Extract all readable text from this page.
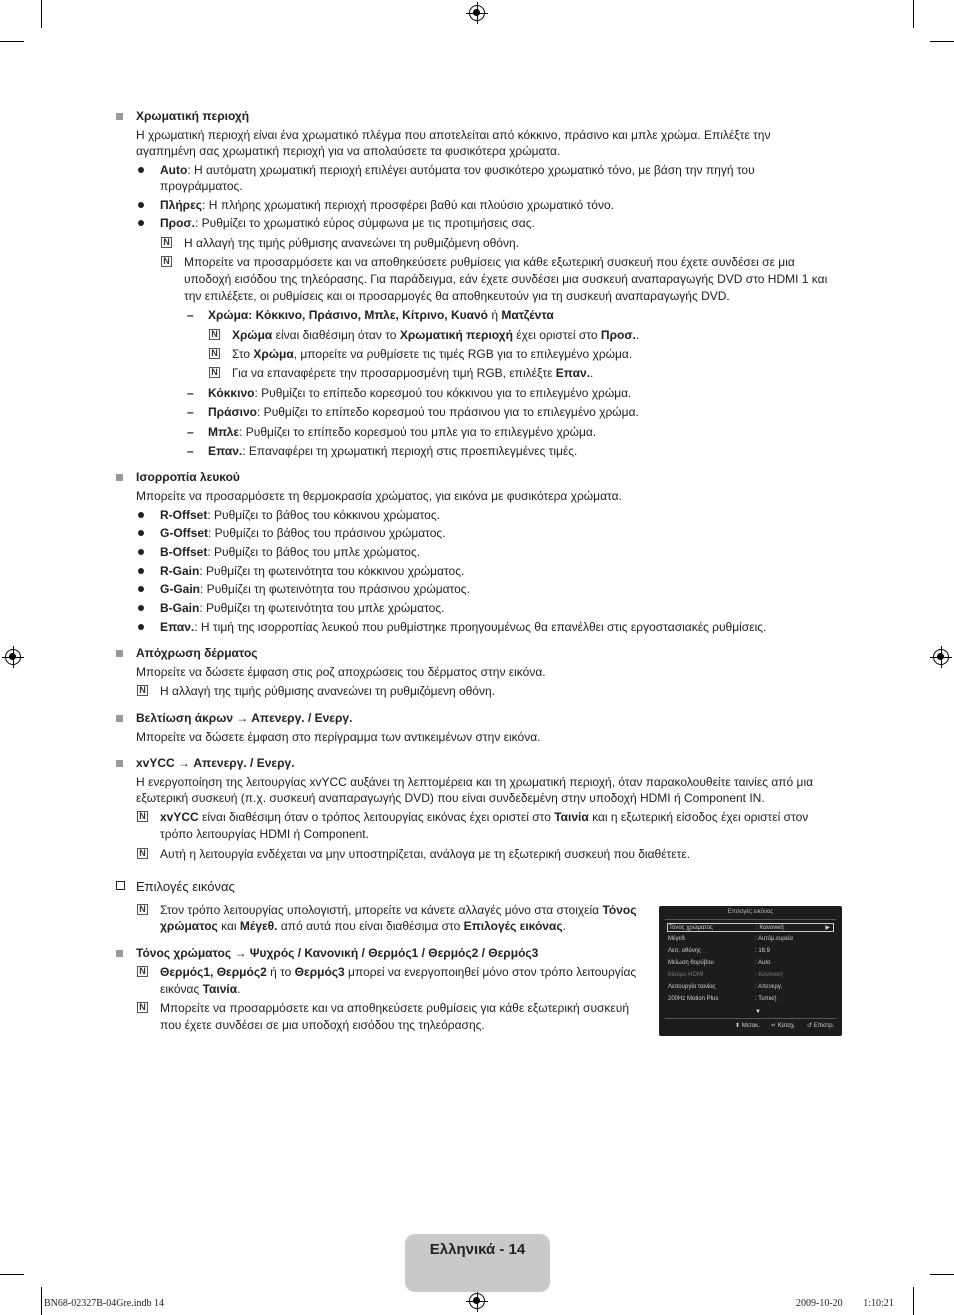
Χρωματική περιοχή
Η χρωματική περιοχή είναι ένα χρωματικό πλέγμα που αποτελείται από κόκκινο, πράσινο και μπλε χρώμα. Επιλέξτε την
αγαπημένη σας χρωματική περιοχή για να απολαύσετε τα φυσικότερα χρώματα.
Auto: Η αυτόματη χρωματική περιοχή επιλέγει αυτόματα τον φυσικότερο χρωματικό τόνο, με βάση την πηγή του
προγράμματος.
Πλήρες: Η πλήρης χρωματική περιοχή προσφέρει βαθύ και πλούσιο χρωματικό τόνο.
Προσ.: Ρυθμίζει το χρωματικό εύρος σύμφωνα με τις προτιμήσεις σας.
N Η αλλαγή της τιμής ρύθμισης ανανεώνει τη ρυθμιζόμενη οθόνη.
N Μπορείτε να προσαρμόσετε και να αποθηκεύσετε ρυθμίσεις για κάθε εξωτερική συσκευή που έχετε συνδέσει σε μια
υποδοχή εισόδου της τηλεόρασης. Για παράδειγμα, εάν έχετε συνδέσει μια συσκευή αναπαραγωγής DVD στο HDMI 1 και
την επιλέξετε, οι ρυθμίσεις και οι προσαρμογές θα αποθηκευτούν για τη συσκευή αναπαραγωγής DVD.
– Χρώμα: Κόκκινο, Πράσινο, Μπλε, Κίτρινο, Κυανό ή Ματζέντα
N Χρώμα είναι διαθέσιμη όταν το Χρωματική περιοχή έχει οριστεί στο Προσ..
N Στο Χρώμα, μπορείτε να ρυθμίσετε τις τιμές RGB για το επιλεγμένο χρώμα.
N Για να επαναφέρετε την προσαρμοσμένη τιμή RGB, επιλέξτε Επαν..
– Κόκκινο: Ρυθμίζει το επίπεδο κορεσμού του κόκκινου για το επιλεγμένο χρώμα.
– Πράσινο: Ρυθμίζει το επίπεδο κορεσμού του πράσινου για το επιλεγμένο χρώμα.
– Μπλε: Ρυθμίζει το επίπεδο κορεσμού του μπλε για το επιλεγμένο χρώμα.
– Επαν.: Επαναφέρει τη χρωματική περιοχή στις προεπιλεγμένες τιμές.
Ισορροπία λευκού
Μπορείτε να προσαρμόσετε τη θερμοκρασία χρώματος, για εικόνα με φυσικότερα χρώματα.
R-Offset: Ρυθμίζει το βάθος του κόκκινου χρώματος.
G-Offset: Ρυθμίζει το βάθος του πράσινου χρώματος.
B-Offset: Ρυθμίζει το βάθος του μπλε χρώματος.
R-Gain: Ρυθμίζει τη φωτεινότητα του κόκκινου χρώματος.
G-Gain: Ρυθμίζει τη φωτεινότητα του πράσινου χρώματος.
B-Gain: Ρυθμίζει τη φωτεινότητα του μπλε χρώματος.
Επαν.: Η τιμή της ισορροπίας λευκού που ρυθμίστηκε προηγουμένως θα επανέλθει στις εργοστασιακές ρυθμίσεις.
Απόχρωση δέρματος
Μπορείτε να δώσετε έμφαση στις ροζ αποχρώσεις του δέρματος στην εικόνα.
N Η αλλαγή της τιμής ρύθμισης ανανεώνει τη ρυθμιζόμενη οθόνη.
Βελτίωση άκρων → Απενεργ. / Ενεργ.
Μπορείτε να δώσετε έμφαση στο περίγραμμα των αντικειμένων στην εικόνα.
xvYCC → Απενεργ. / Ενεργ.
Η ενεργοποίηση της λειτουργίας xvYCC αυξάνει τη λεπτομέρεια και τη χρωματική περιοχή, όταν παρακολουθείτε ταινίες από μια
εξωτερική συσκευή (π.χ. συσκευή αναπαραγωγής DVD) που είναι συνδεδεμένη στην υποδοχή HDMI ή Component IN.
N xvYCC είναι διαθέσιμη όταν ο τρόπος λειτουργίας εικόνας έχει οριστεί στο Ταινία και η εξωτερική είσοδος έχει οριστεί στον
τρόπο λειτουργίας HDMI ή Component.
N Αυτή η λειτουργία ενδέχεται να μην υποστηρίζεται, ανάλογα με τη εξωτερική συσκευή που διαθέτετε.
Επιλογές εικόνας
N Στον τρόπο λειτουργίας υπολογιστή, μπορείτε να κάνετε αλλαγές μόνο στα στοιχεία Τόνος
χρώματος και Μέγεθ. από αυτά που είναι διαθέσιμα στο Επιλογές εικόνας.
Τόνος χρώματος → Ψυχρός / Κανονική / Θερμός1 / Θερμός2 / Θερμός3
N Θερμός1, Θερμός2 ή το Θερμός3 μπορεί να ενεργοποιηθεί μόνο στον τρόπο λειτουργίας
εικόνας Ταινία.
N Μπορείτε να προσαρμόσετε και να αποθηκεύσετε ρυθμίσεις για κάθε εξωτερική συσκευή
που έχετε συνδέσει σε μια υποδοχή εισόδου της τηλεόρασης.
Επιλογές εικόνας
Τόνος χρώματος	: Κανονική	▶
Μέγεθ.	: Αυτόμ.ευρεία
Λειτ. οθόνης	: 16:9
Μείωση θορύβου	: Auto
Μαύρο HDMI	: Κανονική
Λειτουργία ταινίας	: Απενεργ.
200Hz Motion Plus	: Τυπική
▼
⬍ Μετακ. ↵ Καταχ. ↺ Επιστρ.
Ελληνικά - 14
BN68-02327B-04Gre.indb 14	2009-10-20    1:10:21
